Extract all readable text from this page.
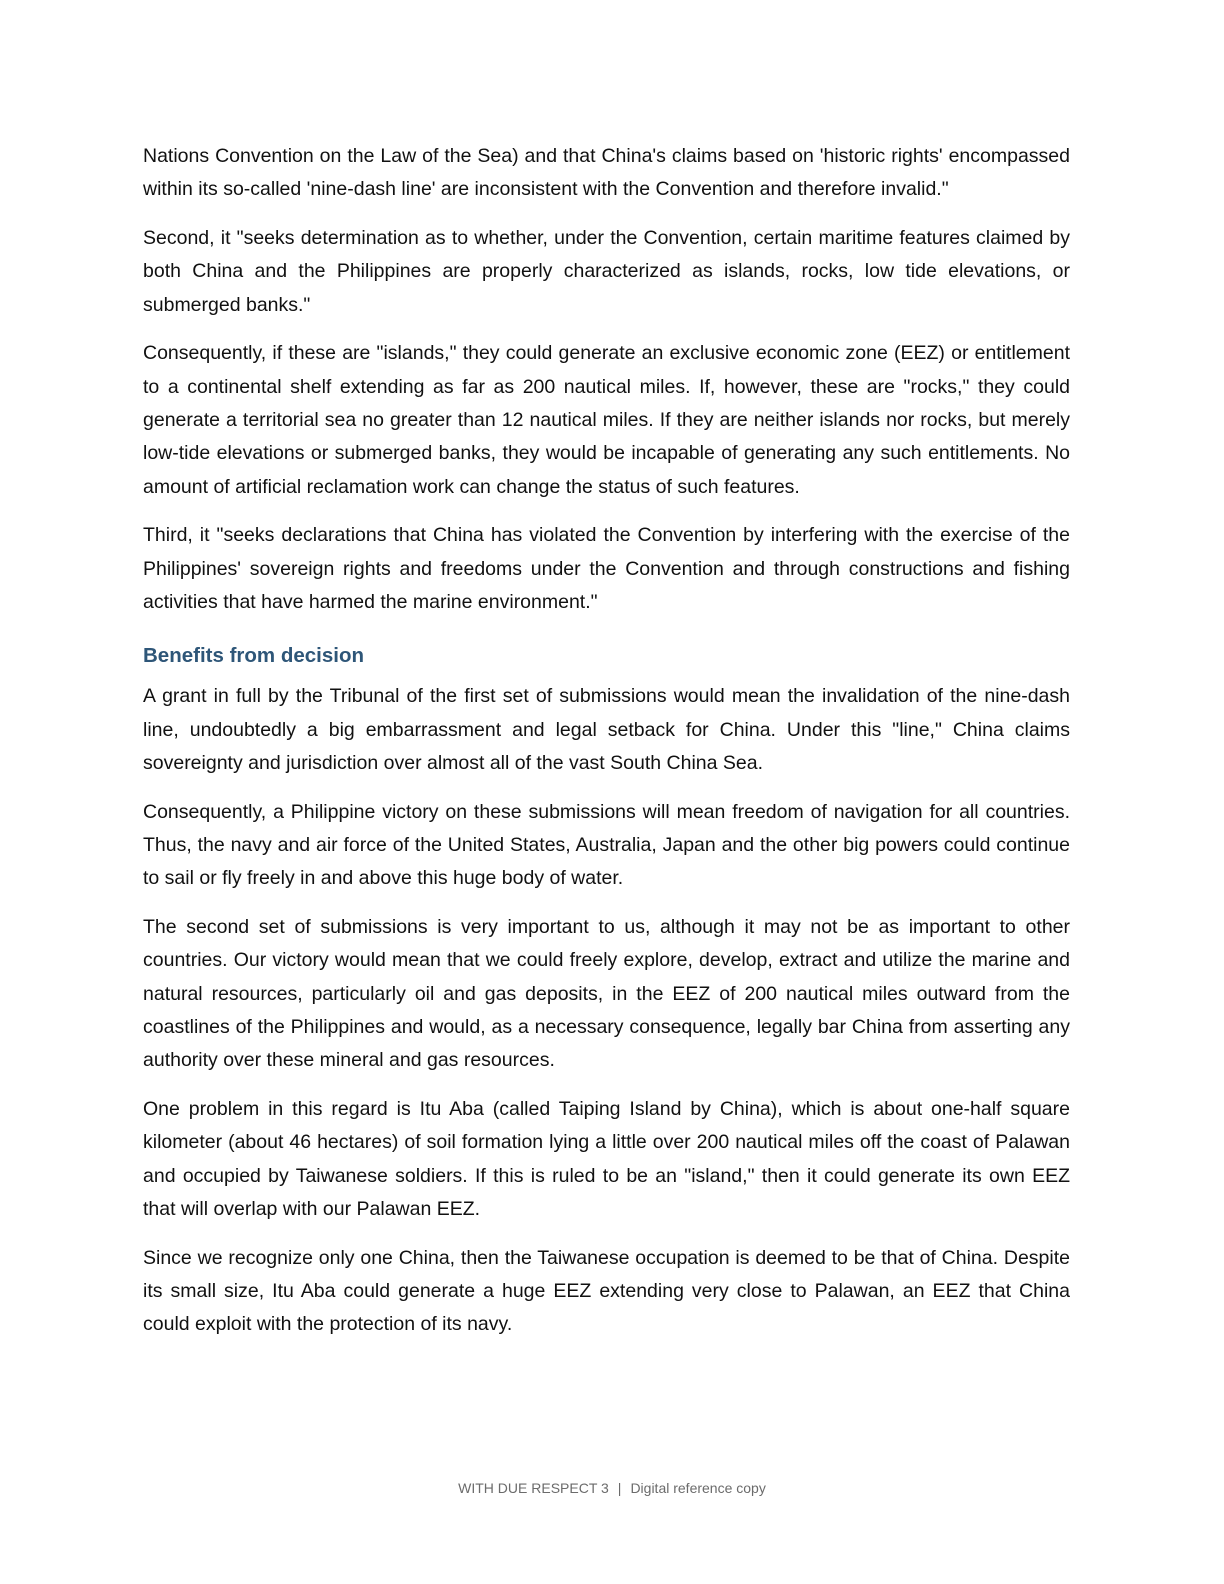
Nations Convention on the Law of the Sea) and that China's claims based on 'historic rights' encompassed within its so-called 'nine-dash line' are inconsistent with the Convention and therefore invalid."

Second, it "seeks determination as to whether, under the Convention, certain maritime features claimed by both China and the Philippines are properly characterized as islands, rocks, low tide elevations, or submerged banks."

Consequently, if these are "islands," they could generate an exclusive economic zone (EEZ) or entitlement to a continental shelf extending as far as 200 nautical miles. If, however, these are "rocks," they could generate a territorial sea no greater than 12 nautical miles. If they are neither islands nor rocks, but merely low-tide elevations or submerged banks, they would be incapable of generating any such entitlements. No amount of artificial reclamation work can change the status of such features.

Third, it "seeks declarations that China has violated the Convention by interfering with the exercise of the Philippines' sovereign rights and freedoms under the Convention and through constructions and fishing activities that have harmed the marine environment."

Benefits from decision

A grant in full by the Tribunal of the first set of submissions would mean the invalidation of the nine-dash line, undoubtedly a big embarrassment and legal setback for China. Under this "line," China claims sovereignty and jurisdiction over almost all of the vast South China Sea.

Consequently, a Philippine victory on these submissions will mean freedom of navigation for all countries. Thus, the navy and air force of the United States, Australia, Japan and the other big powers could continue to sail or fly freely in and above this huge body of water.

The second set of submissions is very important to us, although it may not be as important to other countries. Our victory would mean that we could freely explore, develop, extract and utilize the marine and natural resources, particularly oil and gas deposits, in the EEZ of 200 nautical miles outward from the coastlines of the Philippines and would, as a necessary consequence, legally bar China from asserting any authority over these mineral and gas resources.

One problem in this regard is Itu Aba (called Taiping Island by China), which is about one-half square kilometer (about 46 hectares) of soil formation lying a little over 200 nautical miles off the coast of Palawan and occupied by Taiwanese soldiers. If this is ruled to be an "island," then it could generate its own EEZ that will overlap with our Palawan EEZ.

Since we recognize only one China, then the Taiwanese occupation is deemed to be that of China. Despite its small size, Itu Aba could generate a huge EEZ extending very close to Palawan, an EEZ that China could exploit with the protection of its navy.

WITH DUE RESPECT 3 | Digital reference copy
